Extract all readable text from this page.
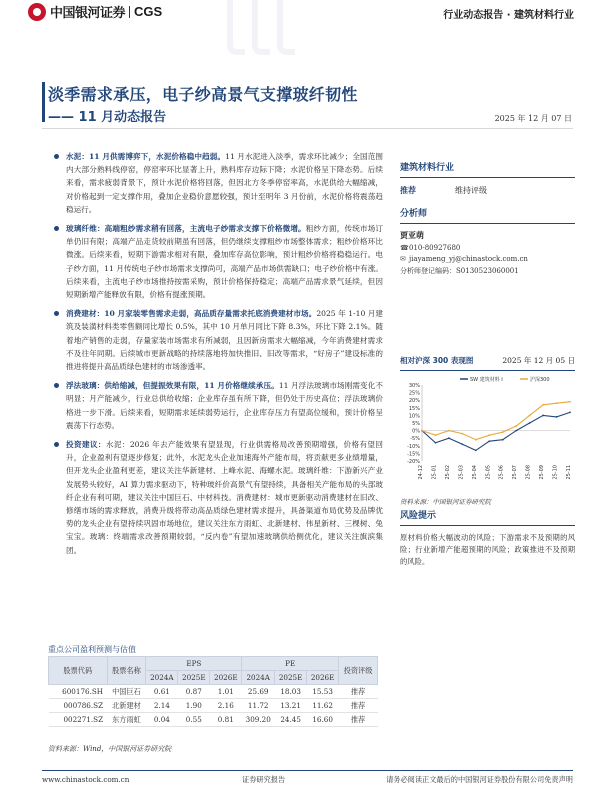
中国银河证券 CGS	行业动态报告 · 建筑材料行业
淡季需求承压，电子纱高景气支撑玻纤韧性
—— 11 月动态报告	2025 年 12 月 07 日

水泥：11 月供需博弈下，水泥价格稳中趋弱。11 月水泥进入淡季，需求环比减少；全国范围内大部分熟料线停窑，停窑率环比显著上升，熟料库存边际下降；水泥价格呈下降态势。后续来看，需求疲弱背景下，预计水泥价格将回落，但因北方冬季停窑率高，水泥供给大幅缩减，对价格起到一定支撑作用，叠加企业稳价意愿较强，预计至明年 3 月份前，水泥价格将震荡趋稳运行。

玻璃纤维：高端粗纱需求稍有回落，主流电子纱需求支撑下价格微增。粗纱方面，传统市场订单仍旧有限；高端产品走货较前期虽有回落，但仍继续支撑粗纱市场整体需求；粗纱价格环比微涨。后续来看，短期下游需求相对有限，叠加库存高位影响，预计粗纱价格将稳稳运行。电子纱方面，11 月传统电子纱市场需求支撑尚可，高端产品市场供需缺口；电子纱价格中有涨。后续来看，主流电子纱市场推持按需采购，预计价格保持稳定；高端产品需求景气延续，但因短期新增产能释放有限，价格有提涨预期。

消费建材：10 月家装零售需求走弱，高品质存量需求托底消费建材市场。2025 年 1-10 月建筑及装潢材料类零售额同比增长 0.5%，其中 10 月单月同比下降 8.3%，环比下降 2.1%。随着地产销售的走弱，存量家装市场需求有所减弱，且因新房需求大幅缩减，今年消费建材需求不及往年同期。后续城市更新战略的持续落地将加快推旧、旧改等需求，“好房子”建设标准的推进将提升高品质绿色建材的市场渗透率。

浮法玻璃：供给缩减，但提振效果有限，11 月价格继续承压。11 月浮法玻璃市场刚需变化不明显；月产能减少，行业总供给收缩；企业库存虽有所下降，但仍处于历史高位；浮法玻璃价格进一步下滑。后续来看，短期需求延续弱势运行，企业库存压力有望高位缓和，预计价格呈震荡下行态势。

投资建议：水泥：2026 年去产能效果有望显现，行业供需格局改善预期增强，价格有望回升，企业盈利有望逐步修复；此外，水泥龙头企业加速海外产能布局，将贡献更多业绩增量，但开龙头企业盈利更差，建议关注华新建材、上峰水泥、海螺水泥。玻璃纤维：下游新兴产业发展势头较好，AI 算力需求驱动下，特种玻纤价高景气有望持续，具备相关产能布局的头部玻纤企业有利可期，建议关注中国巨石、中材科技。消费建材：城市更新驱动消费建材在旧改、修缮市场的需求释放，消费升级将带动高品质绿色建材需求提升，具备渠道布局优势及品牌优势的龙头企业有望持续巩固市场地位，建议关注东方雨虹、北新建材、伟星新材、三棵树、兔宝宝。玻璃：终端需求改善预期较弱，“反内卷”有望加速玻璃供给侧优化，建议关注旗滨集团。

重点公司盈利预测与估值
股票代码	股票名称	EPS			PE			投资评级
		2024A	2025E	2026E	2024A	2025E	2026E	
600176.SH	中国巨石	0.61	0.87	1.01	25.69	18.03	15.53	推荐
000786.SZ	北新建材	2.14	1.90	2.16	11.72	13.21	11.62	推荐
002271.SZ	东方雨虹	0.04	0.55	0.81	309.20	24.45	16.60	推荐
资料来源：Wind，中国银河证券研究院
建筑材料行业
推荐	维持评级
分析师
贾亚萌
☎ 010-80927680
✉ jiayameng_yj@chinastock.com.cn
分析师登记编码：S0130523060001
相对沪深 300 表现图	2025 年 12 月 05 日
30%
25%
20%
15%
10%
5%
0%
-5%
-10%
-15%
-20%
24-12 25-01 25-02 25-03 25-04 25-05 25-06 25-07 25-08 25-09 25-10 25-11
SW 建筑材料 I	沪深300
资料来源：中国银河证券研究院
风险提示
原材料价格大幅波动的风险；下游需求不及预期的风险；行业新增产能超预期的风险；政策推进不及预期的风险。
www.chinastock.com.cn	证券研究报告	请务必阅读正文最后的中国银河证券股份有限公司免责声明
